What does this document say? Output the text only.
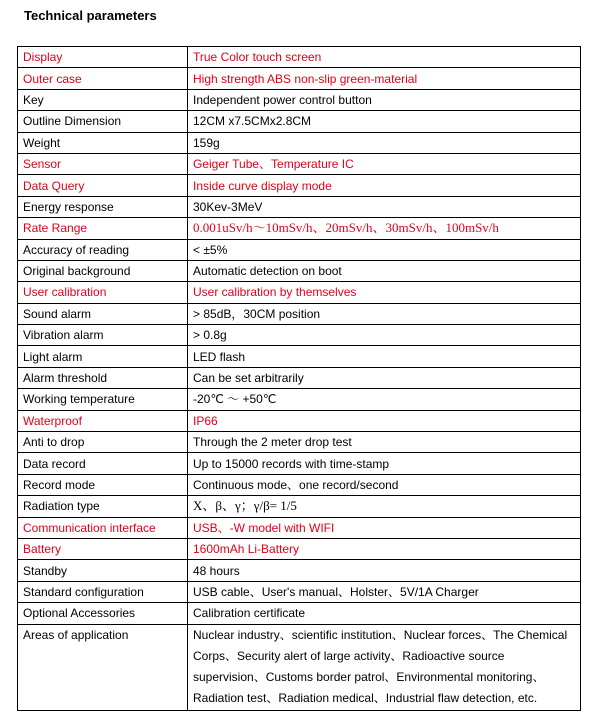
Technical parameters
Display	True Color touch screen
Outer case	High strength ABS non-slip green-material
Key	Independent power control button
Outline Dimension	12CM x7.5CMx2.8CM
Weight	159g
Sensor	Geiger Tube、Temperature IC
Data Query	Inside curve display mode
Energy response	30Kev-3MeV
Rate Range	0.001uSv/h～10mSv/h、20mSv/h、30mSv/h、100mSv/h
Accuracy of reading	< ±5%
Original background	Automatic detection on boot
User calibration	User calibration by themselves
Sound alarm	> 85dB，30CM position
Vibration alarm	> 0.8g
Light alarm	LED flash
Alarm threshold	Can be set arbitrarily
Working temperature	-20℃ ～ +50℃
Waterproof	IP66
Anti to drop	Through the 2 meter drop test
Data record	Up to 15000 records with time-stamp
Record mode	Continuous mode、one record/second
Radiation type	X、β、γ；γ/β= 1/5
Communication interface	USB、-W model with WIFI
Battery	1600mAh Li-Battery
Standby	48 hours
Standard configuration	USB cable、User's manual、Holster、5V/1A Charger
Optional Accessories	Calibration certificate
Areas of application	Nuclear industry、scientific institution、Nuclear forces、The Chemical Corps、Security alert of large activity、Radioactive source supervision、Customs border patrol、Environmental monitoring、Radiation test、Radiation medical、Industrial flaw detection, etc.
